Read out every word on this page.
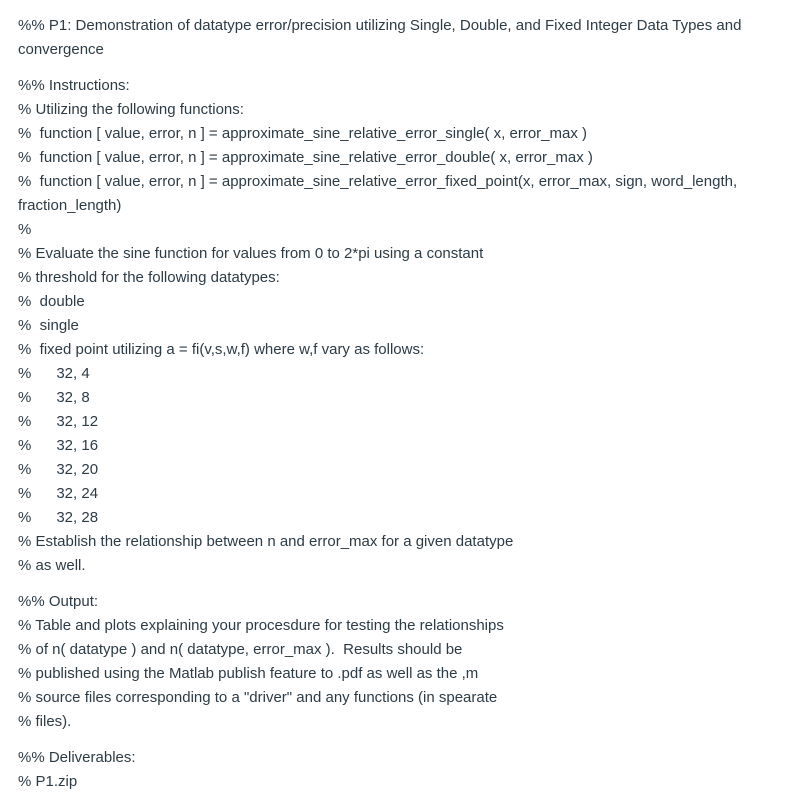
%% P1: Demonstration of datatype error/precision utilizing Single, Double, and Fixed Integer Data Types and
convergence
%% Instructions:
% Utilizing the following functions:
%  function [ value, error, n ] = approximate_sine_relative_error_single( x, error_max )
%  function [ value, error, n ] = approximate_sine_relative_error_double( x, error_max )
%  function [ value, error, n ] = approximate_sine_relative_error_fixed_point(x, error_max, sign, word_length,
fraction_length)
%
% Evaluate the sine function for values from 0 to 2*pi using a constant
% threshold for the following datatypes:
%  double
%  single
%  fixed point utilizing a = fi(v,s,w,f) where w,f vary as follows:
%      32, 4
%      32, 8
%      32, 12
%      32, 16
%      32, 20
%      32, 24
%      32, 28
% Establish the relationship between n and error_max for a given datatype
% as well.
%% Output:
% Table and plots explaining your procesdure for testing the relationships
% of n( datatype ) and n( datatype, error_max ).  Results should be
% published using the Matlab publish feature to .pdf as well as the ,m
% source files corresponding to a "driver" and any functions (in spearate
% files).
%% Deliverables:
% P1.zip
